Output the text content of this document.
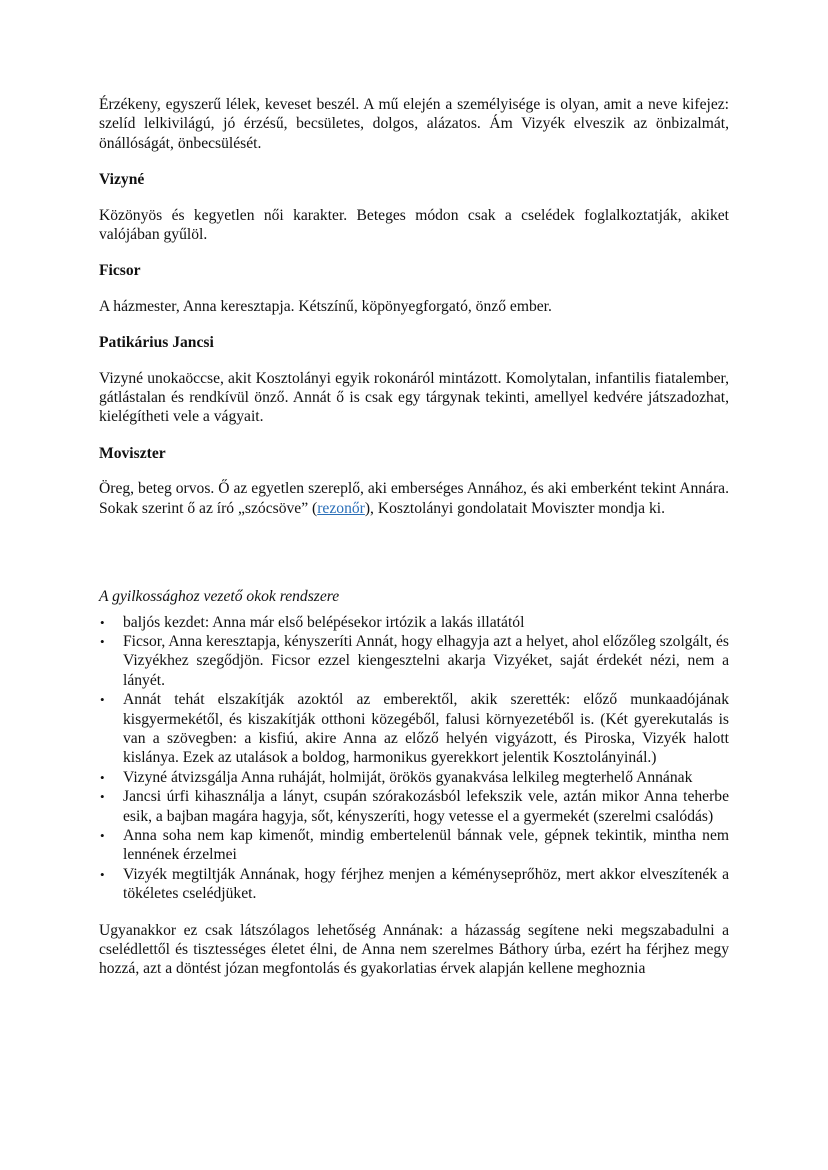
Érzékeny, egyszerű lélek, keveset beszél. A mű elején a személyisége is olyan, amit a neve kifejez: szelíd lelkivilágú, jó érzésű, becsületes, dolgos, alázatos. Ám Vizyék elveszik az önbizalmát, önállóságát, önbecsülését.

Vizyné

Közönyös és kegyetlen női karakter. Beteges módon csak a cselédek foglalkoztatják, akiket valójában gyűlöl.

Ficsor

A házmester, Anna keresztapja. Kétszínű, köpönyegforgató, önző ember.

Patikárius Jancsi

Vizyné unokaöccse, akit Kosztolányi egyik rokonáról mintázott. Komolytalan, infantilis fiatalember, gátlástalan és rendkívül önző. Annát ő is csak egy tárgynak tekinti, amellyel kedvére játszadozhat, kielégítheti vele a vágyait.

Moviszter

Öreg, beteg orvos. Ő az egyetlen szereplő, aki emberséges Annához, és aki emberként tekint Annára. Sokak szerint ő az író „szócsöve” (rezonőr), Kosztolányi gondolatait Moviszter mondja ki.

A gyilkossághoz vezető okok rendszere

•	baljós kezdet: Anna már első belépésekor irtózik a lakás illatától
•	Ficsor, Anna keresztapja, kényszeríti Annát, hogy elhagyja azt a helyet, ahol előzőleg szolgált, és Vizyékhez szegődjön. Ficsor ezzel kiengesztelni akarja Vizyéket, saját érdekét nézi, nem a lányét.
•	Annát tehát elszakítják azoktól az emberektől, akik szerették: előző munkaadójának kisgyermekétől, és kiszakítják otthoni közegéből, falusi környezetéből is. (Két gyerekutalás is van a szövegben: a kisfiú, akire Anna az előző helyén vigyázott, és Piroska, Vizyék halott kislánya. Ezek az utalások a boldog, harmonikus gyerekkort jelentik Kosztolányinál.)
•	Vizyné átvizsgálja Anna ruháját, holmiját, örökös gyanakvása lelkileg megterhelő Annának
•	Jancsi úrfi kihasználja a lányt, csupán szórakozásból lefekszik vele, aztán mikor Anna teherbe esik, a bajban magára hagyja, sőt, kényszeríti, hogy vetesse el a gyermekét (szerelmi csalódás)
•	Anna soha nem kap kimenőt, mindig embertelenül bánnak vele, gépnek tekintik, mintha nem lennének érzelmei
•	Vizyék megtiltják Annának, hogy férjhez menjen a kéményseprőhöz, mert akkor elveszítenék a tökéletes cselédjüket.

Ugyanakkor ez csak látszólagos lehetőség Annának: a házasság segítene neki megszabadulni a cselédlettől és tisztességes életet élni, de Anna nem szerelmes Báthory úrba, ezért ha férjhez megy hozzá, azt a döntést józan megfontolás és gyakorlatias érvek alapján kellene meghoznia
